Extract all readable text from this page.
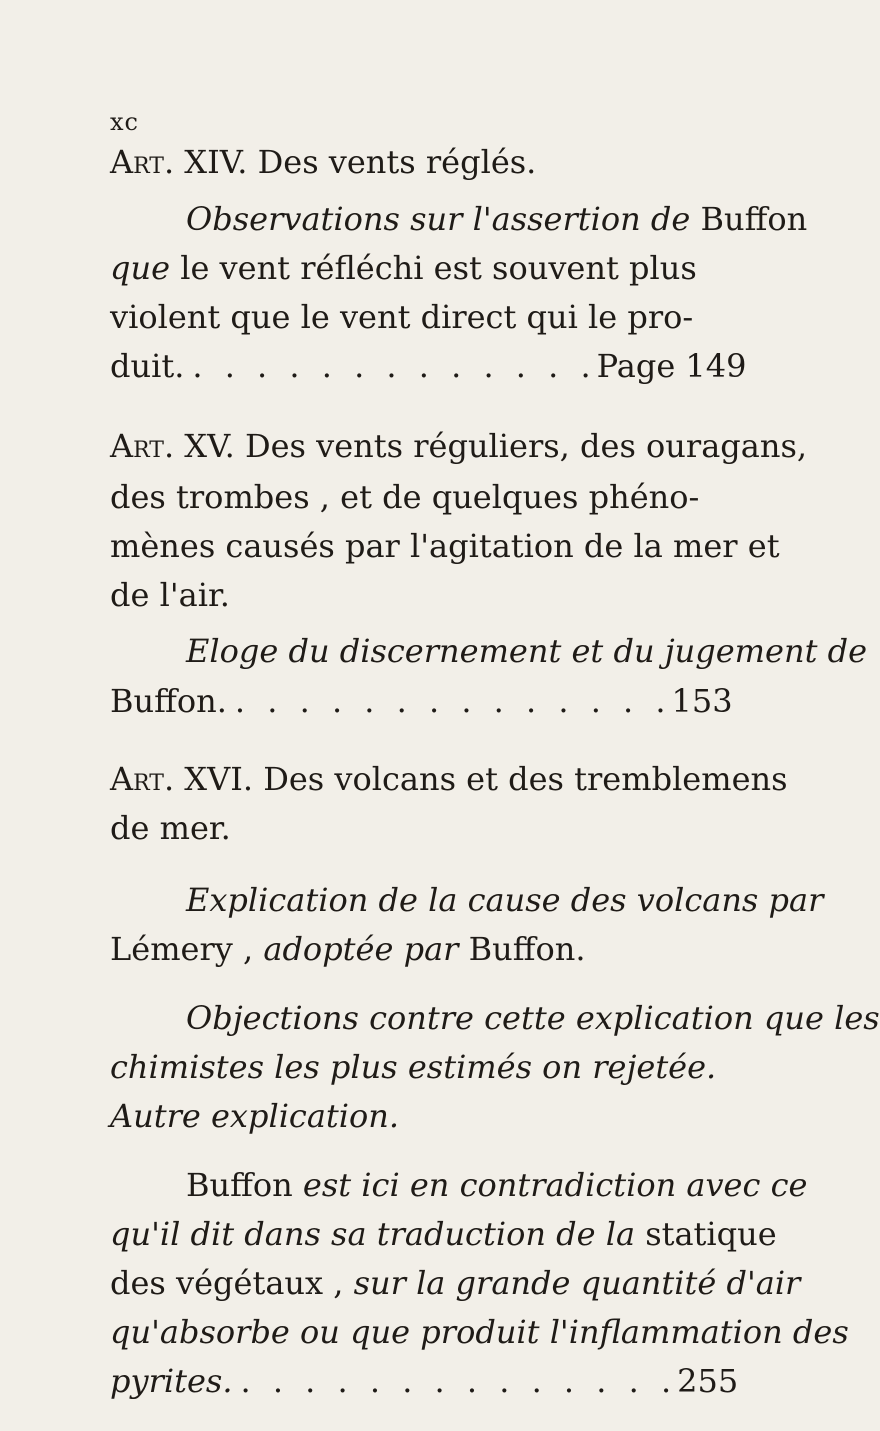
xc
Art. XIV. Des vents réglés.
Observations sur l'assertion de Buffon
que le vent réfléchi est souvent plus
violent que le vent direct qui le pro-
duit. . . . . . . . . . . . . . Page 149
Art. XV. Des vents réguliers, des ouragans,
des trombes , et de quelques phéno-
mènes causés par l'agitation de la mer et
de l'air.
Eloge du discernement et du jugement de
Buffon. . . . . . . . . . . . . . . 153
Art. XVI. Des volcans et des tremblemens
de mer.
Explication de la cause des volcans par
Lémery , adoptée par Buffon.
Objections contre cette explication que les
chimistes les plus estimés on rejetée.
Autre explication.
Buffon est ici en contradiction avec ce
qu'il dit dans sa traduction de la statique
des végétaux , sur la grande quantité d'air
qu'absorbe ou que produit l'inflammation des
pyrites. . . . . . . . . . . . . . . 255
